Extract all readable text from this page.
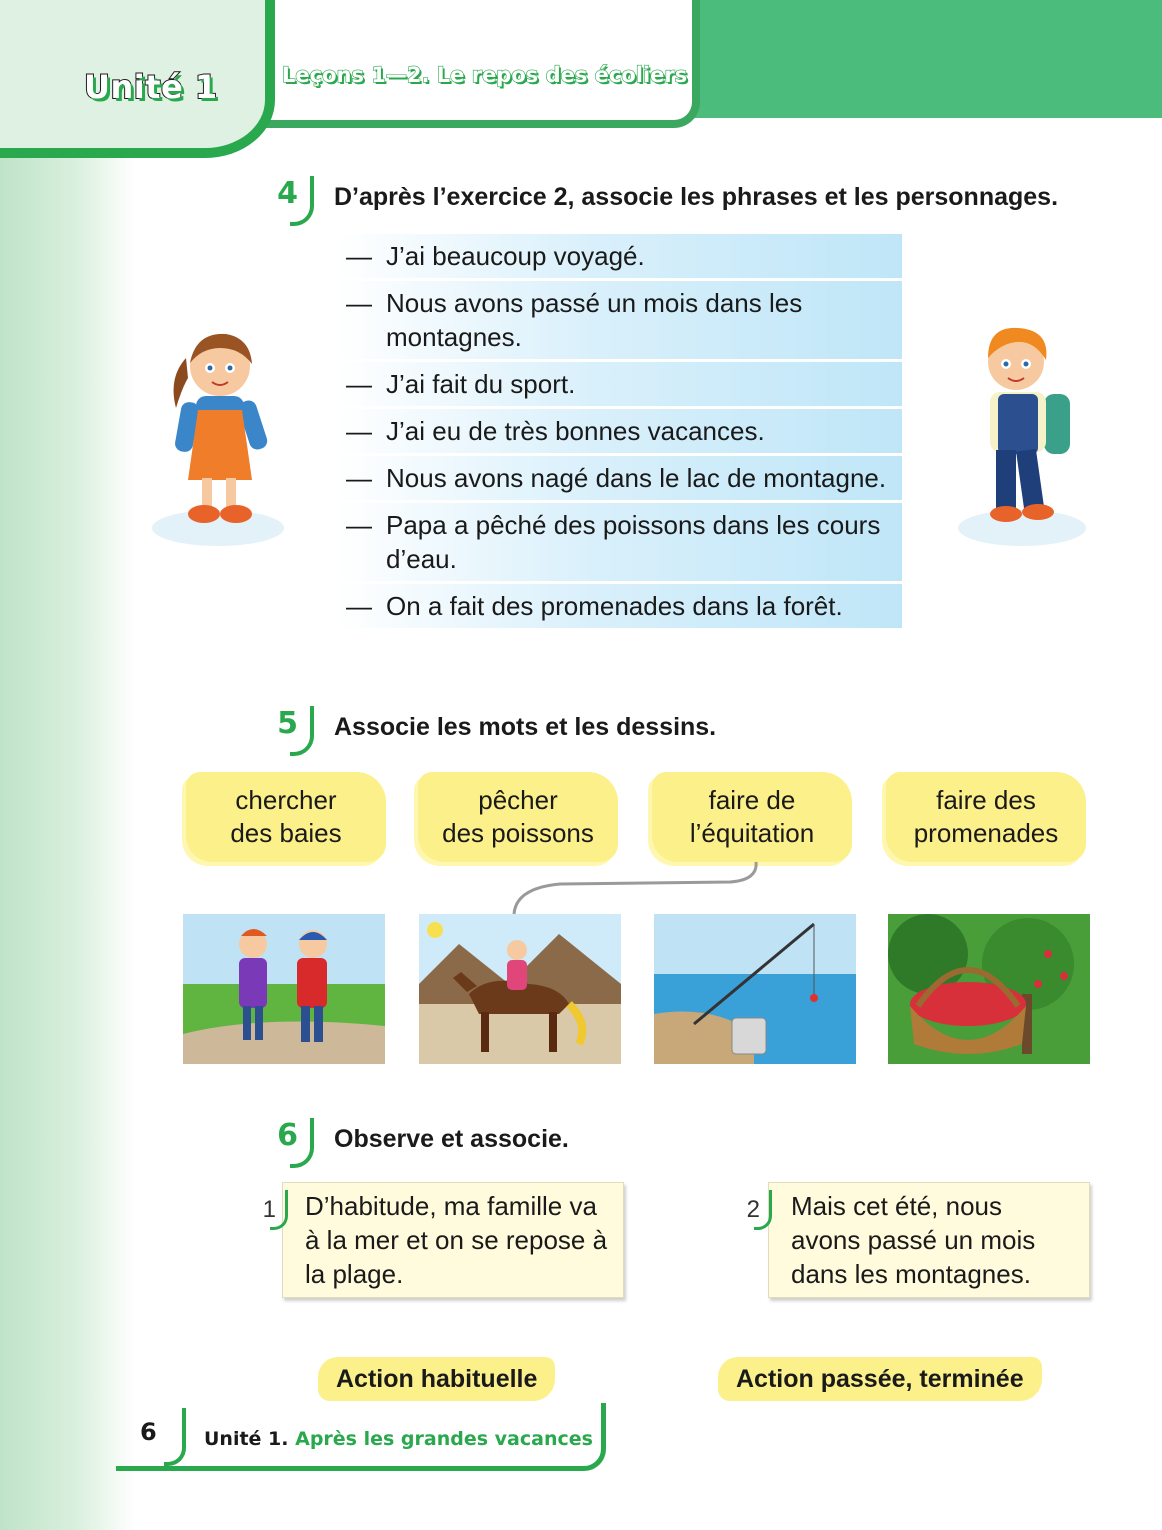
Unité 1	Leçons 1—2. Le repos des écoliers
4 D’après l’exercice 2, associe les phrases et les personnages.
— J’ai beaucoup voyagé.
— Nous avons passé un mois dans les montagnes.
— J’ai fait du sport.
— J’ai eu de très bonnes vacances.
— Nous avons nagé dans le lac de montagne.
— Papa a pêché des poissons dans les cours d’eau.
— On a fait des promenades dans la forêt.
5 Associe les mots et les dessins.
chercher
des baies
pêcher
des poissons
faire de
l’équitation
faire des
promenades
6 Observe et associe.
D’habitude, ma famille va à la mer et on se repose à la plage.
1	Mais cet été, nous avons passé un mois dans les montagnes.
2
Action habituelle	Action passée, terminée
6 Unité 1. Après les grandes vacances
